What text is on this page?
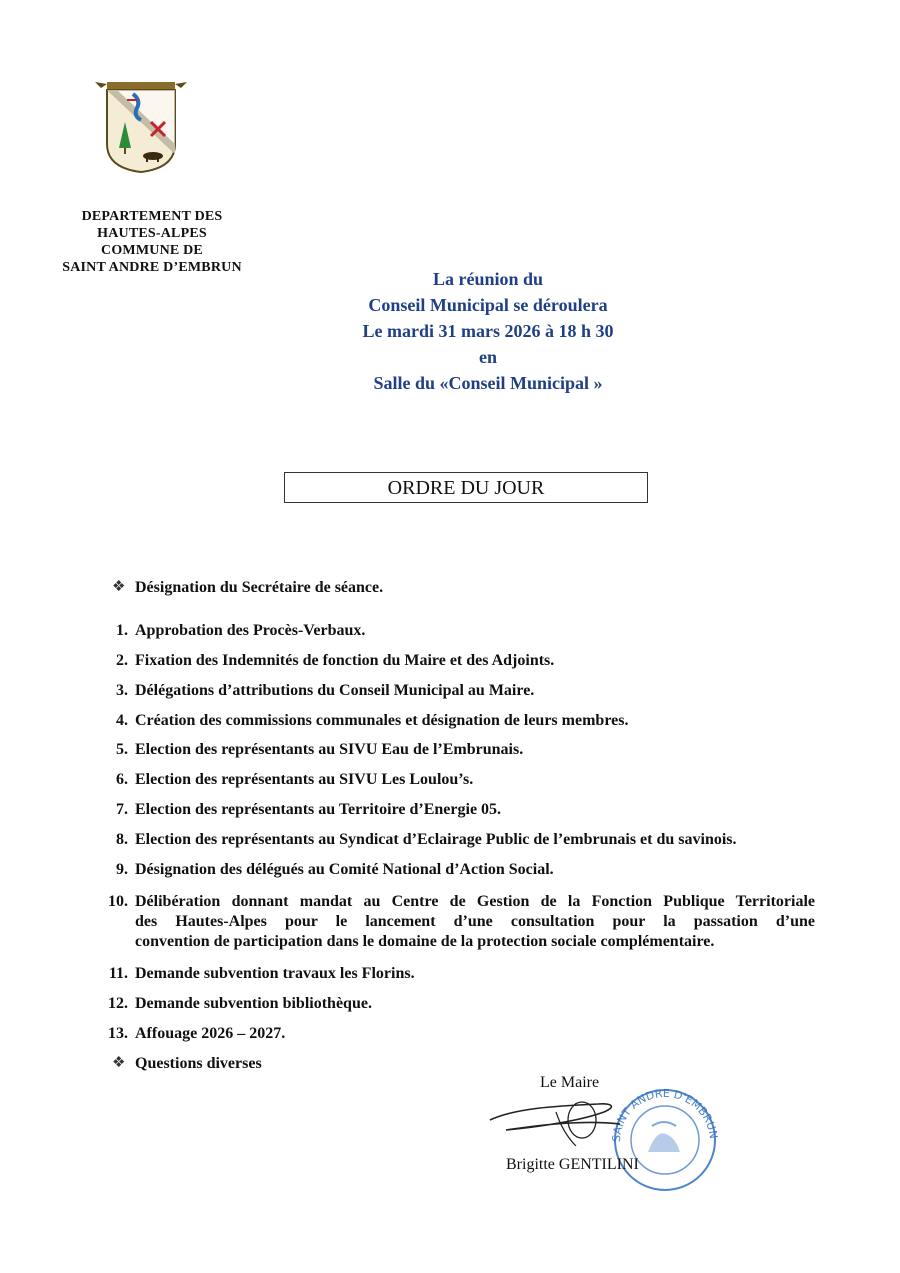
DEPARTEMENT DES
HAUTES-ALPES
COMMUNE DE
SAINT ANDRE D’EMBRUN
La réunion du
Conseil Municipal se déroulera
Le mardi 31 mars 2026 à 18 h 30
en
Salle du «Conseil Municipal »
ORDRE DU JOUR
❖ Désignation du Secrétaire de séance.
1. Approbation des Procès-Verbaux.
2. Fixation des Indemnités de fonction du Maire et des Adjoints.
3. Délégations d’attributions du Conseil Municipal au Maire.
4. Création des commissions communales et désignation de leurs membres.
5. Election des représentants au SIVU Eau de l’Embrunais.
6. Election des représentants au SIVU Les Loulou’s.
7. Election des représentants au Territoire d’Energie 05.
8. Election des représentants au Syndicat d’Eclairage Public de l’embrunais et du savinois.
9. Désignation des délégués au Comité National d’Action Social.
10. Délibération donnant mandat au Centre de Gestion de la Fonction Publique Territoriale
des Hautes-Alpes pour le lancement d’une consultation pour la passation d’une
convention de participation dans le domaine de la protection sociale complémentaire.
11. Demande subvention travaux les Florins.
12. Demande subvention bibliothèque.
13. Affouage 2026 – 2027.
❖ Questions diverses
Le Maire
SAINT ANDRE D'EMBRUN
Brigitte GENTILINI
